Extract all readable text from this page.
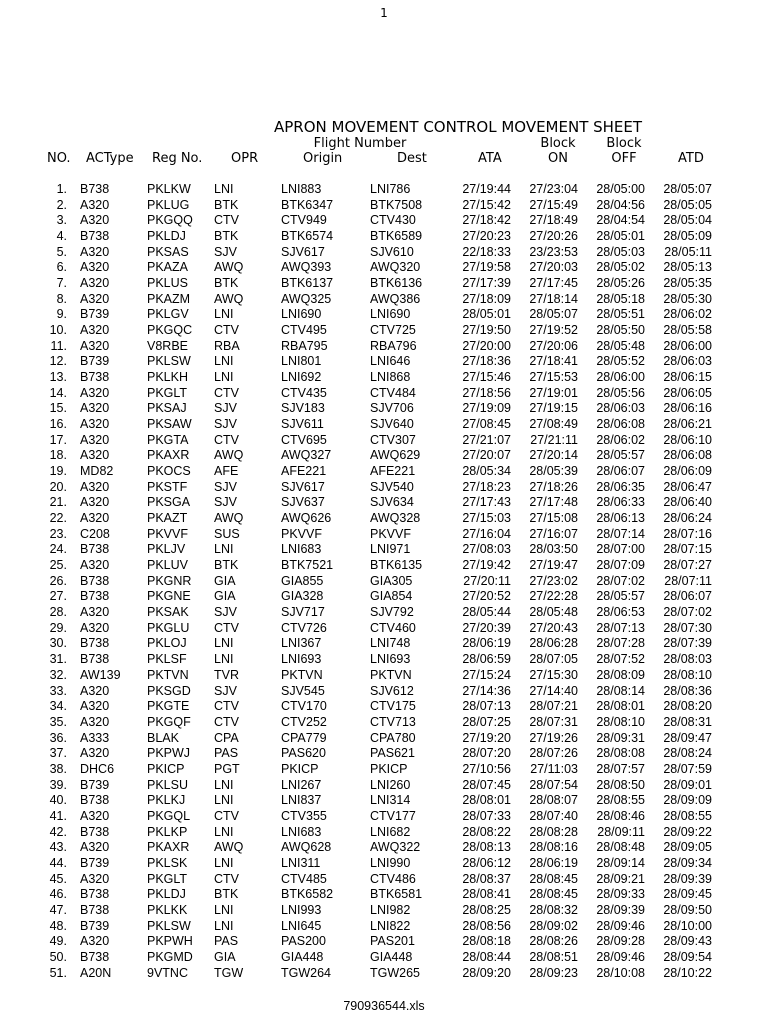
1
APRON MOVEMENT CONTROL MOVEMENT SHEET
Flight Number	Block	Block
NO. ACType Reg No. OPR	Origin	Dest	ATA	ON	OFF	ATD
1. B738	PKLKW LNI	LNI883	LNI786	27/19:44	27/23:04	28/05:00	28/05:07
2. A320	PKLUG BTK	BTK6347	BTK7508	27/15:42	27/15:49	28/04:56	28/05:05
3. A320	PKGQQ CTV	CTV949	CTV430	27/18:42	27/18:49	28/04:54	28/05:04
4. B738	PKLDJ BTK	BTK6574	BTK6589	27/20:23	27/20:26	28/05:01	28/05:09
5. A320	PKSAS SJV	SJV617	SJV610	22/18:33	23/23:53	28/05:03	28/05:11
6. A320	PKAZA AWQ	AWQ393	AWQ320	27/19:58	27/20:03	28/05:02	28/05:13
7. A320	PKLUS BTK	BTK6137	BTK6136	27/17:39	27/17:45	28/05:26	28/05:35
8. A320	PKAZM AWQ	AWQ325	AWQ386	27/18:09	27/18:14	28/05:18	28/05:30
9. B739	PKLGV LNI	LNI690	LNI690	28/05:01	28/05:07	28/05:51	28/06:02
10. A320	PKGQC CTV	CTV495	CTV725	27/19:50	27/19:52	28/05:50	28/05:58
11. A320	V8RBE RBA	RBA795	RBA796	27/20:00	27/20:06	28/05:48	28/06:00
12. B739	PKLSW LNI	LNI801	LNI646	27/18:36	27/18:41	28/05:52	28/06:03
13. B738	PKLKH LNI	LNI692	LNI868	27/15:46	27/15:53	28/06:00	28/06:15
14. A320	PKGLT CTV	CTV435	CTV484	27/18:56	27/19:01	28/05:56	28/06:05
15. A320	PKSAJ SJV	SJV183	SJV706	27/19:09	27/19:15	28/06:03	28/06:16
16. A320	PKSAW SJV	SJV611	SJV640	27/08:45	27/08:49	28/06:08	28/06:21
17. A320	PKGTA CTV	CTV695	CTV307	27/21:07	27/21:11	28/06:02	28/06:10
18. A320	PKAXR AWQ	AWQ327	AWQ629	27/20:07	27/20:14	28/05:57	28/06:08
19. MD82	PKOCS AFE	AFE221	AFE221	28/05:34	28/05:39	28/06:07	28/06:09
20. A320	PKSTF SJV	SJV617	SJV540	27/18:23	27/18:26	28/06:35	28/06:47
21. A320	PKSGA SJV	SJV637	SJV634	27/17:43	27/17:48	28/06:33	28/06:40
22. A320	PKAZT AWQ	AWQ626	AWQ328	27/15:03	27/15:08	28/06:13	28/06:24
23. C208	PKVVF SUS	PKVVF	PKVVF	27/16:04	27/16:07	28/07:14	28/07:16
24. B738	PKLJV LNI	LNI683	LNI971	27/08:03	28/03:50	28/07:00	28/07:15
25. A320	PKLUV BTK	BTK7521	BTK6135	27/19:42	27/19:47	28/07:09	28/07:27
26. B738	PKGNR GIA	GIA855	GIA305	27/20:11	27/23:02	28/07:02	28/07:11
27. B738	PKGNE GIA	GIA328	GIA854	27/20:52	27/22:28	28/05:57	28/06:07
28. A320	PKSAK SJV	SJV717	SJV792	28/05:44	28/05:48	28/06:53	28/07:02
29. A320	PKGLU CTV	CTV726	CTV460	27/20:39	27/20:43	28/07:13	28/07:30
30. B738	PKLOJ LNI	LNI367	LNI748	28/06:19	28/06:28	28/07:28	28/07:39
31. B738	PKLSF LNI	LNI693	LNI693	28/06:59	28/07:05	28/07:52	28/08:03
32. AW139 PKTVN TVR	PKTVN	PKTVN	27/15:24	27/15:30	28/08:09	28/08:10
33. A320	PKSGD SJV	SJV545	SJV612	27/14:36	27/14:40	28/08:14	28/08:36
34. A320	PKGTE CTV	CTV170	CTV175	28/07:13	28/07:21	28/08:01	28/08:20
35. A320	PKGQF CTV	CTV252	CTV713	28/07:25	28/07:31	28/08:10	28/08:31
36. A333	BLAK	CPA	CPA779	CPA780	27/19:20	27/19:26	28/09:31	28/09:47
37. A320	PKPWJ PAS	PAS620	PAS621	28/07:20	28/07:26	28/08:08	28/08:24
38. DHC6	PKICP PGT	PKICP	PKICP	27/10:56	27/11:03	28/07:57	28/07:59
39. B739	PKLSU LNI	LNI267	LNI260	28/07:45	28/07:54	28/08:50	28/09:01
40. B738	PKLKJ LNI	LNI837	LNI314	28/08:01	28/08:07	28/08:55	28/09:09
41. A320	PKGQL CTV	CTV355	CTV177	28/07:33	28/07:40	28/08:46	28/08:55
42. B738	PKLKP LNI	LNI683	LNI682	28/08:22	28/08:28	28/09:11	28/09:22
43. A320	PKAXR AWQ	AWQ628	AWQ322	28/08:13	28/08:16	28/08:48	28/09:05
44. B739	PKLSK LNI	LNI311	LNI990	28/06:12	28/06:19	28/09:14	28/09:34
45. A320	PKGLT CTV	CTV485	CTV486	28/08:37	28/08:45	28/09:21	28/09:39
46. B738	PKLDJ BTK	BTK6582	BTK6581	28/08:41	28/08:45	28/09:33	28/09:45
47. B738	PKLKK LNI	LNI993	LNI982	28/08:25	28/08:32	28/09:39	28/09:50
48. B739	PKLSW LNI	LNI645	LNI822	28/08:56	28/09:02	28/09:46	28/10:00
49. A320	PKPWH PAS	PAS200	PAS201	28/08:18	28/08:26	28/09:28	28/09:43
50. B738	PKGMD GIA	GIA448	GIA448	28/08:44	28/08:51	28/09:46	28/09:54
51. A20N	9VTNC TGW	TGW264	TGW265	28/09:20	28/09:23	28/10:08	28/10:22
790936544.xls
